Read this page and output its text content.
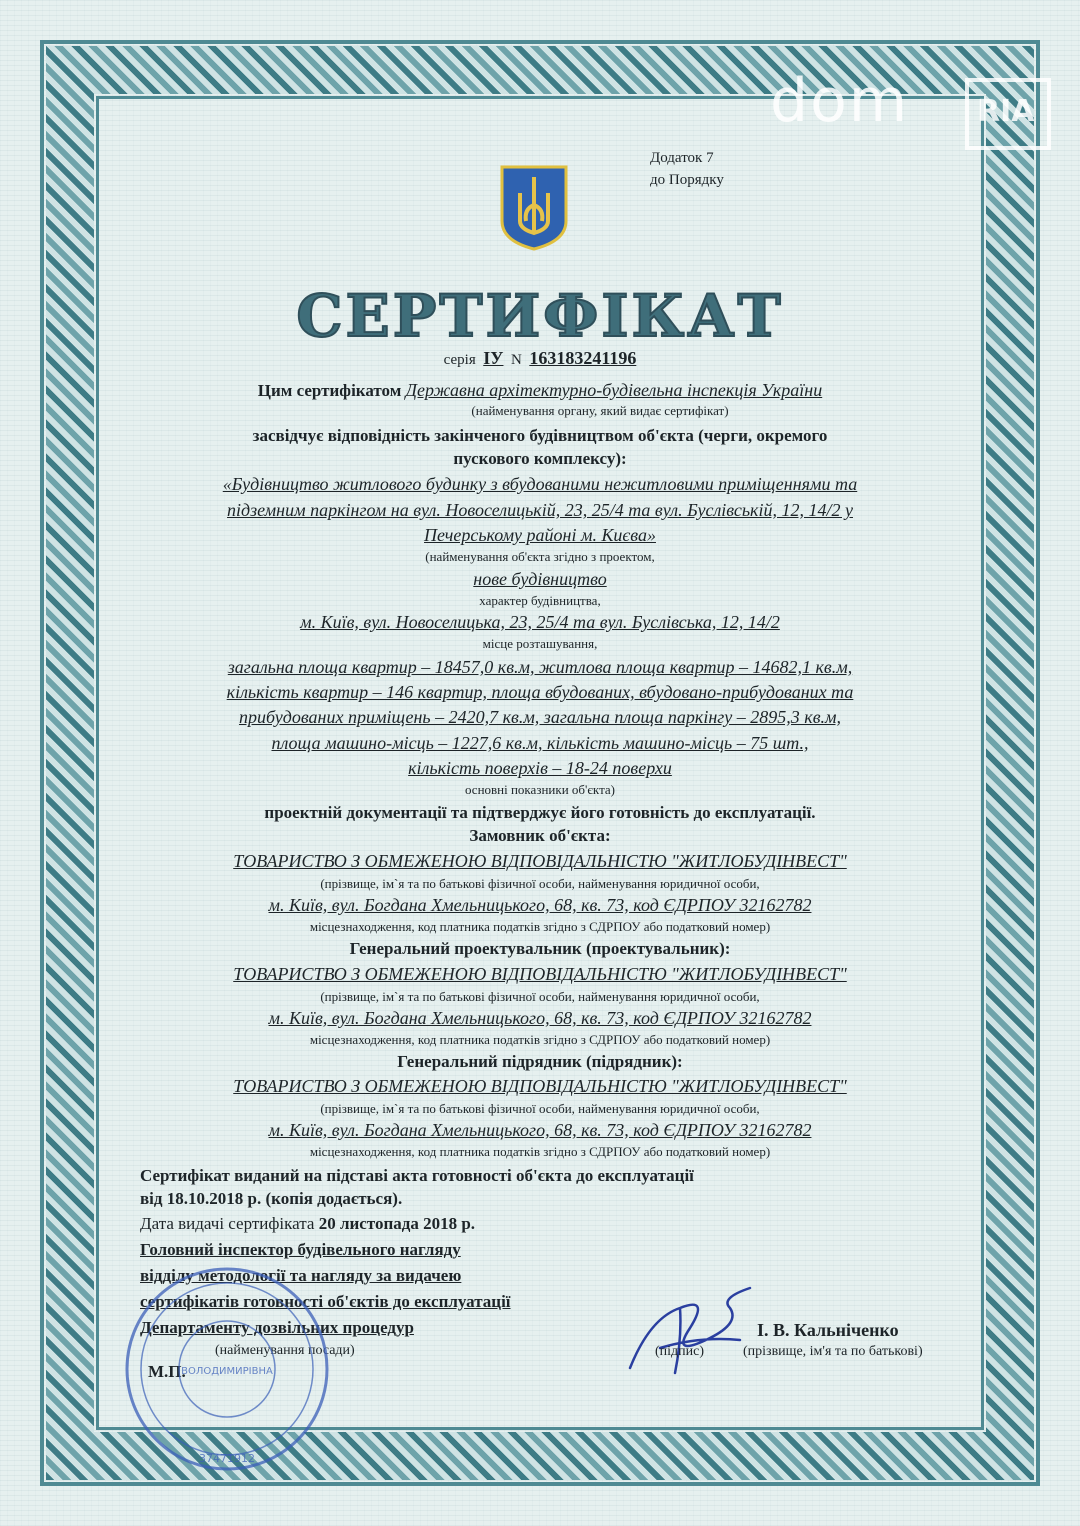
dom RIA
Додаток 7
до Порядку
СЕРТИФІКАТ
серія ІУ N 163183241196
Цим сертифікатом Державна архітектурно-будівельна інспекція України
(найменування органу, який видає сертифікат)
засвідчує відповідність закінченого будівництвом об'єкта (черги, окремого
пускового комплексу):
«Будівництво житлового будинку з вбудованими нежитловими приміщеннями та
підземним паркінгом на вул. Новоселицькій, 23, 25/4 та вул. Буслівській, 12, 14/2 у
Печерському районі м. Києва»
(найменування об'єкта згідно з проектом,
нове будівництво
характер будівництва,
м. Київ, вул. Новоселицька, 23, 25/4 та вул. Буслівська, 12, 14/2
місце розташування,
загальна площа квартир – 18457,0 кв.м, житлова площа квартир – 14682,1 кв.м,
кількість квартир – 146 квартир, площа вбудованих, вбудовано-прибудованих та
прибудованих приміщень – 2420,7 кв.м, загальна площа паркінгу – 2895,3 кв.м,
площа машино-місць – 1227,6 кв.м, кількість машино-місць – 75 шт.,
кількість поверхів – 18-24 поверхи
основні показники об'єкта)
проектній документації та підтверджує його готовність до експлуатації.
Замовник об'єкта:
ТОВАРИСТВО З ОБМЕЖЕНОЮ ВІДПОВІДАЛЬНІСТЮ "ЖИТЛОБУДІНВЕСТ"
(прізвище, ім`я та по батькові фізичної особи, найменування юридичної особи,
м. Київ, вул. Богдана Хмельницького, 68, кв. 73, код ЄДРПОУ 32162782
місцезнаходження, код платника податків згідно з СДРПОУ або податковий номер)
Генеральний проектувальник (проектувальник):
ТОВАРИСТВО З ОБМЕЖЕНОЮ ВІДПОВІДАЛЬНІСТЮ "ЖИТЛОБУДІНВЕСТ"
(прізвище, ім`я та по батькові фізичної особи, найменування юридичної особи,
м. Київ, вул. Богдана Хмельницького, 68, кв. 73, код ЄДРПОУ 32162782
місцезнаходження, код платника податків згідно з СДРПОУ або податковий номер)
Генеральний підрядник (підрядник):
ТОВАРИСТВО З ОБМЕЖЕНОЮ ВІДПОВІДАЛЬНІСТЮ "ЖИТЛОБУДІНВЕСТ"
(прізвище, ім`я та по батькові фізичної особи, найменування юридичної особи,
м. Київ, вул. Богдана Хмельницького, 68, кв. 73, код ЄДРПОУ 32162782
місцезнаходження, код платника податків згідно з СДРПОУ або податковий номер)
Сертифікат виданий на підставі акта готовності об'єкта до експлуатації
від 18.10.2018 р. (копія додається).
Дата видачі сертифіката 20 листопада 2018 р.
Головний інспектор будівельного нагляду
відділу методології та нагляду за видачею
сертифікатів готовності об'єктів до експлуатації
Департаменту дозвільних процедур
(найменування посади)
М.П.
ВОЛОДИМИРІВНА
37471912
(підпис)
І. В. Кальніченко
(прізвище, ім'я та по батькові)
